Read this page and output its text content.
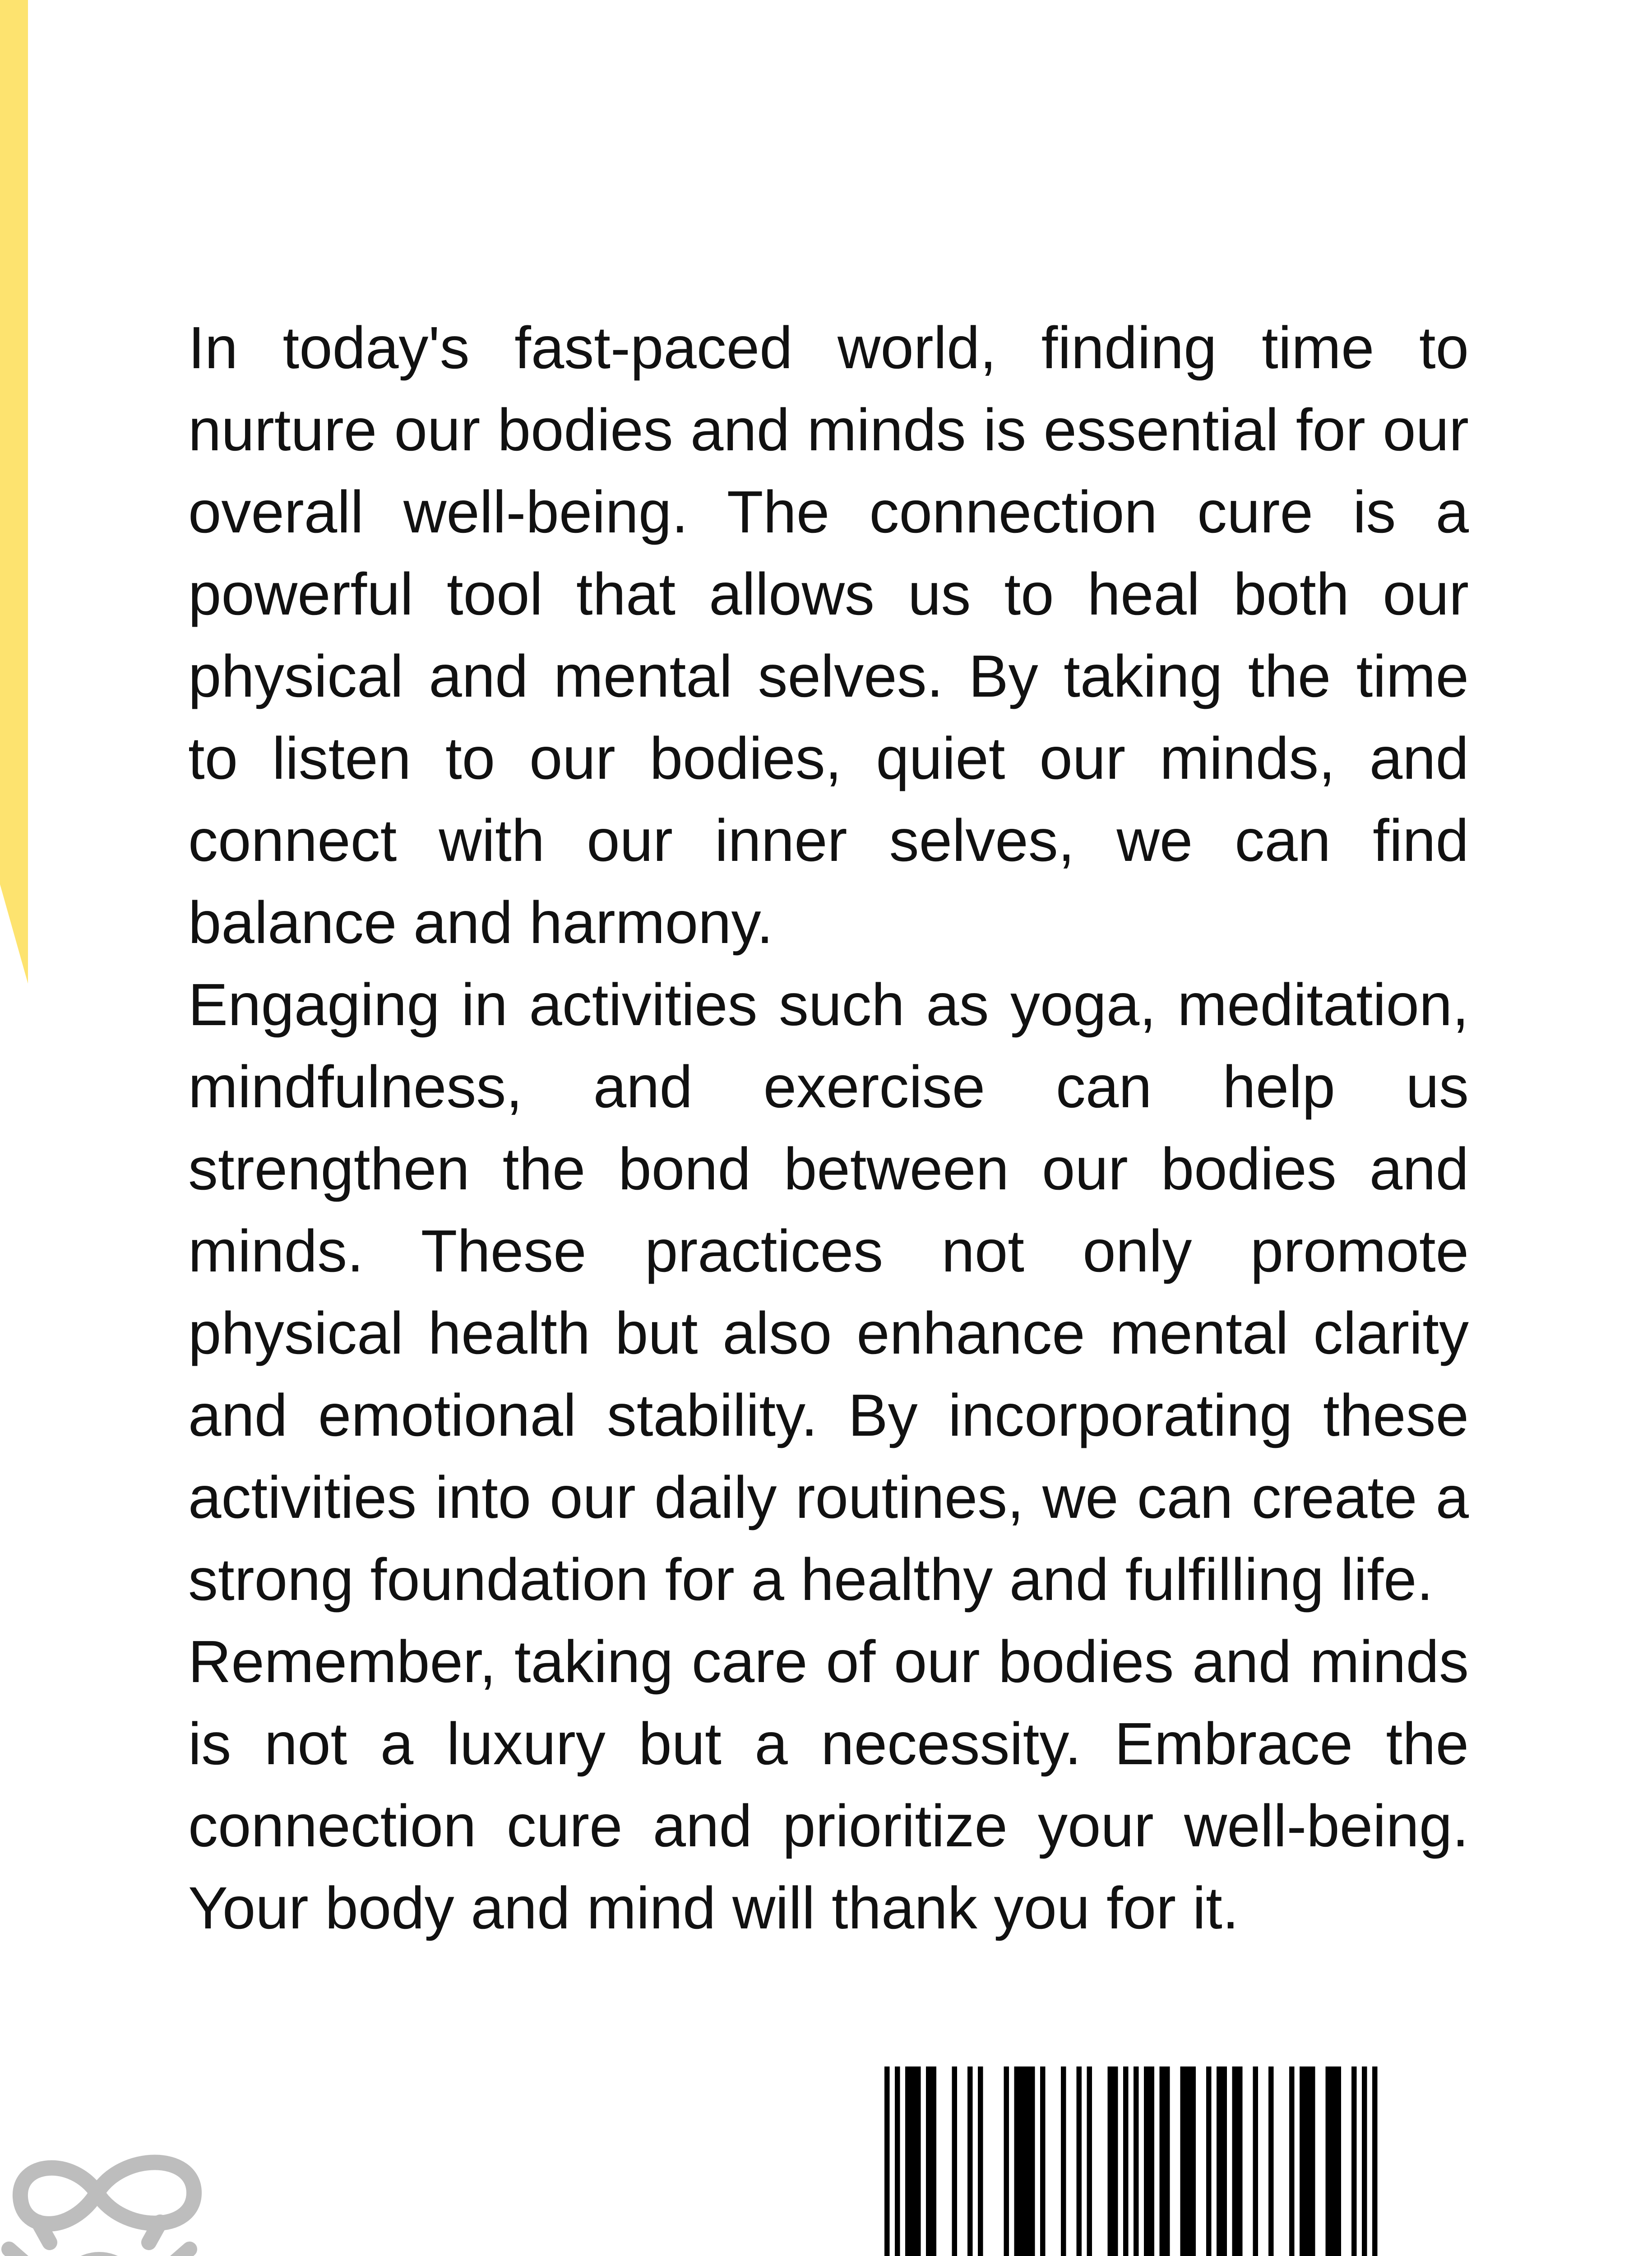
In today's fast-paced world, finding time to nurture our bodies and minds is essential for our overall well-being. The connection cure is a powerful tool that allows us to heal both our physical and mental selves. By taking the time to listen to our bodies, quiet our minds, and connect with our inner selves, we can find balance and harmony.

Engaging in activities such as yoga, meditation, mindfulness, and exercise can help us strengthen the bond between our bodies and minds. These practices not only promote physical health but also enhance mental clarity and emotional stability. By incorporating these activities into our daily routines, we can create a strong foundation for a healthy and fulfilling life.

Remember, taking care of our bodies and minds is not a luxury but a necessity. Embrace the connection cure and prioritize your well-being. Your body and mind will thank you for it.
